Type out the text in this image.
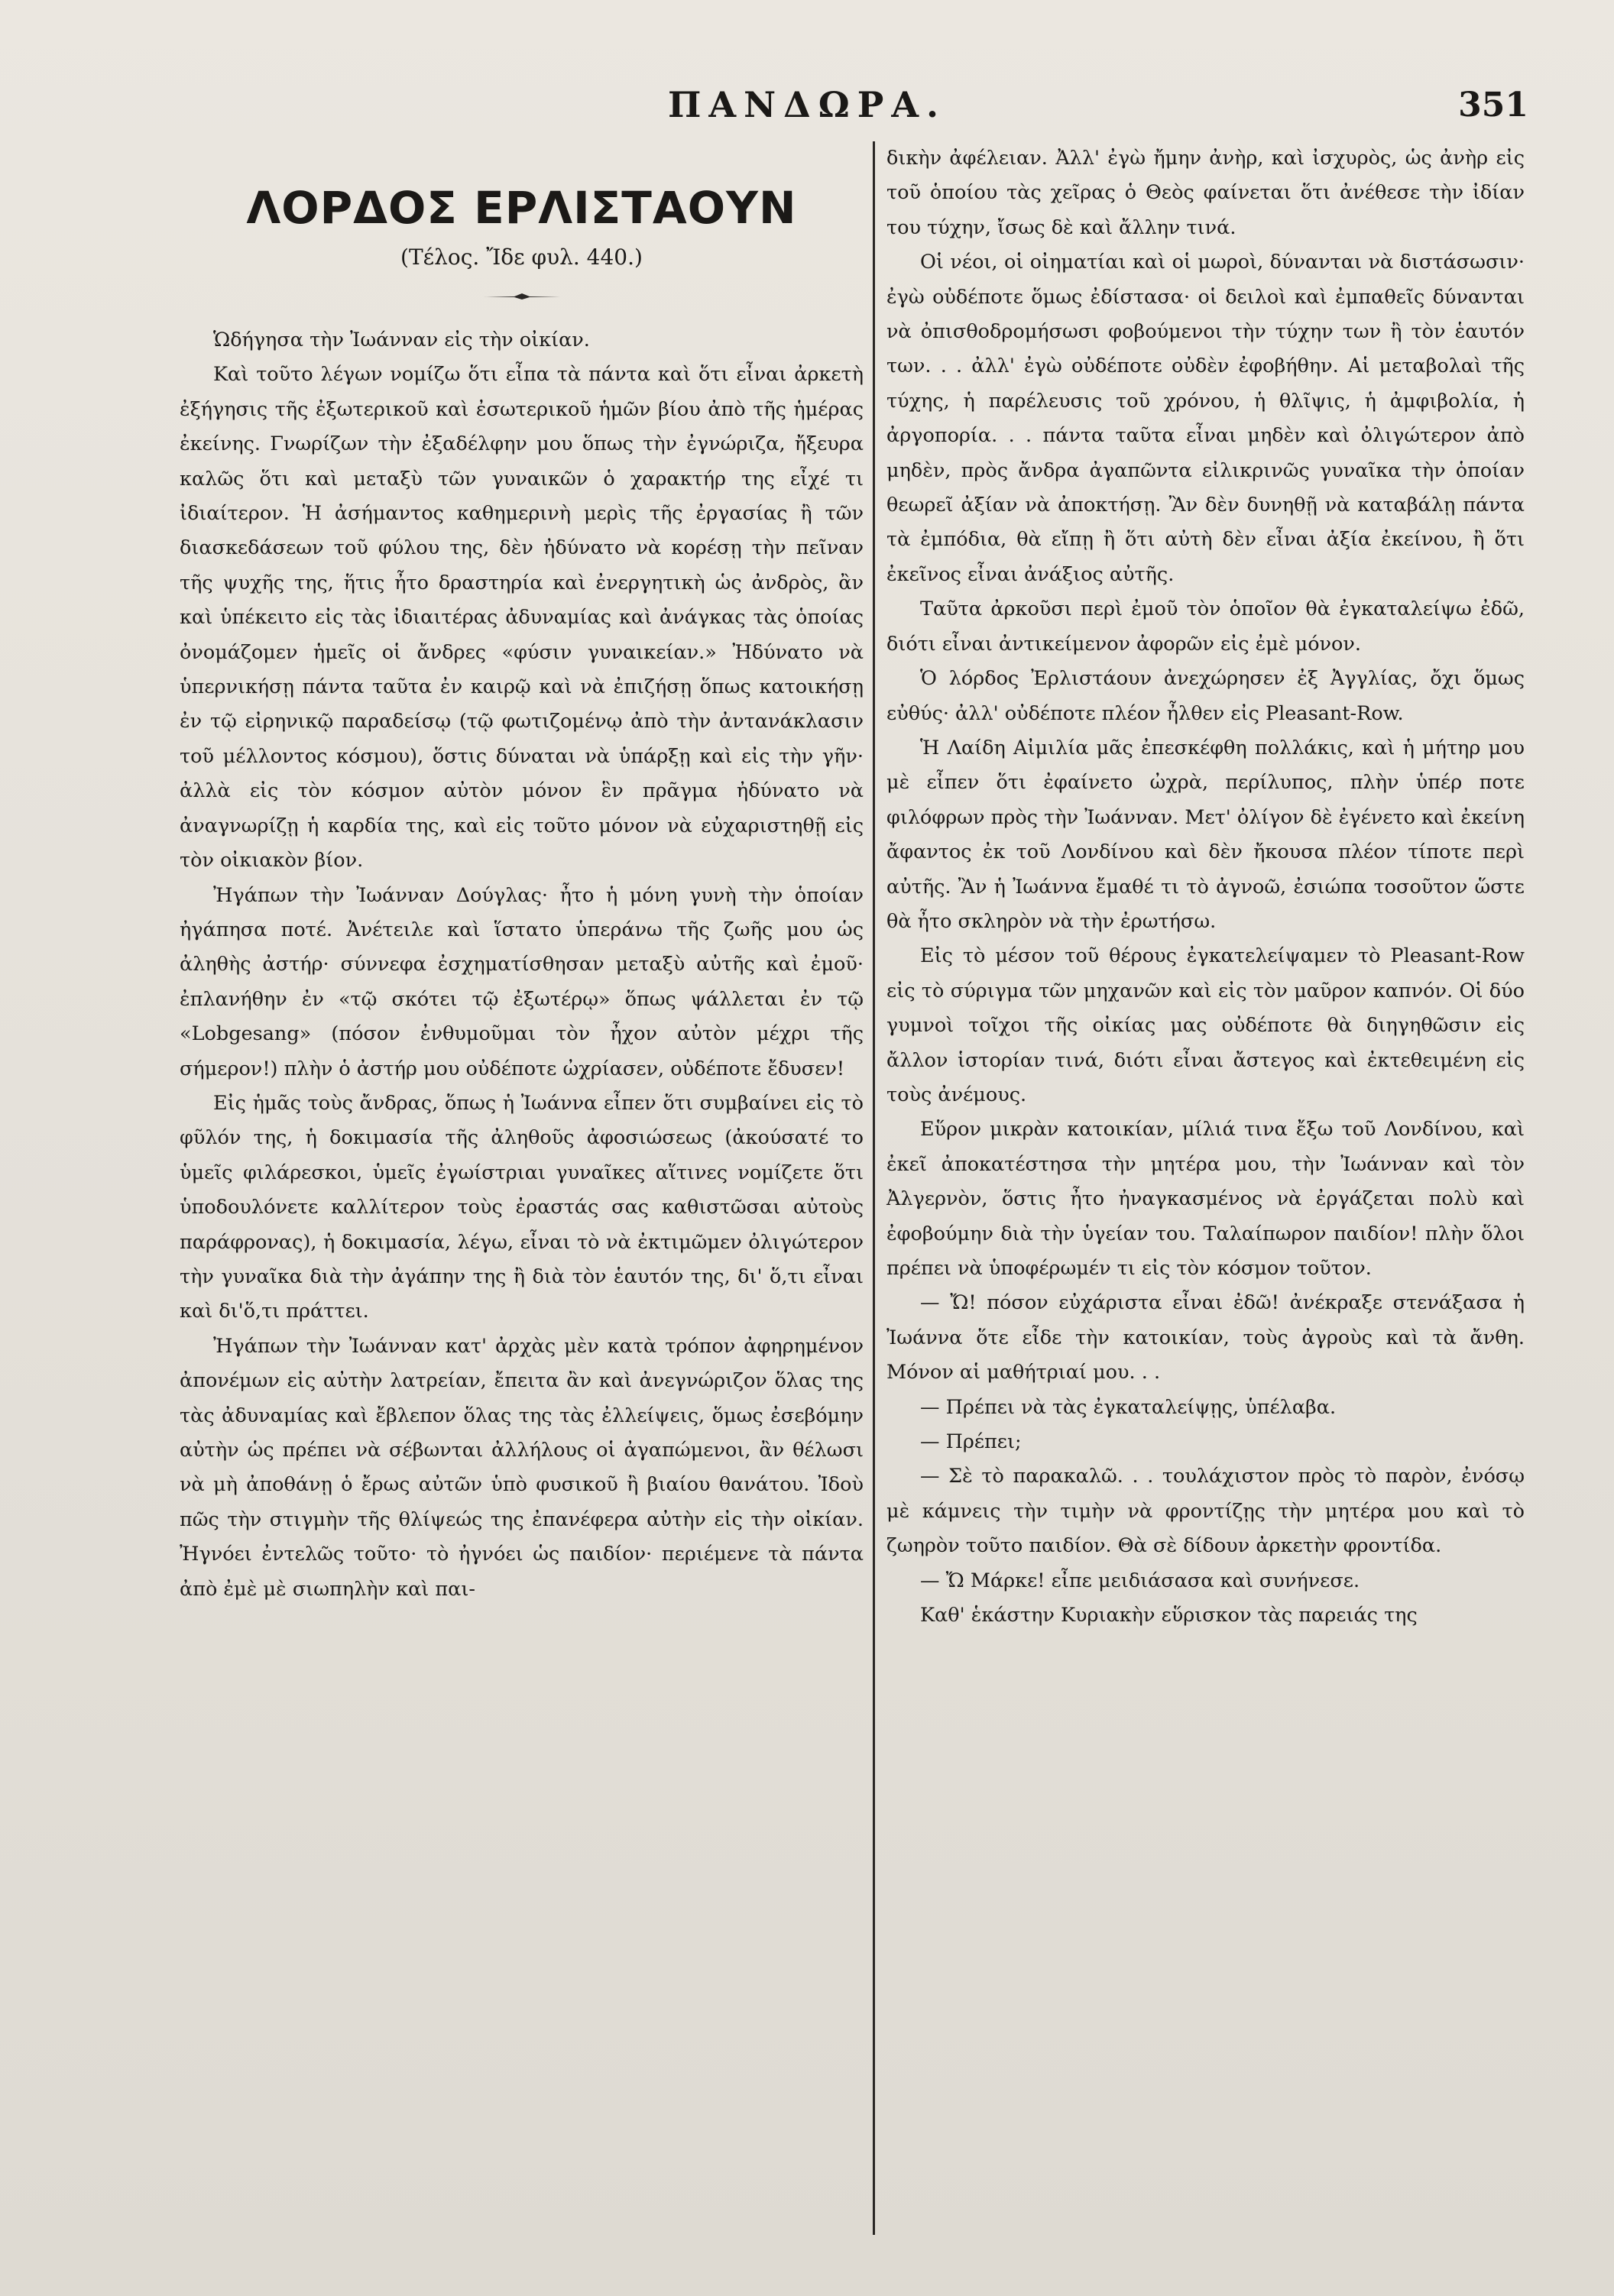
ΠΑΝΔΩΡΑ.	351
ΛΟΡΔΟΣ ΕΡΛΙΣΤΑΟΥΝ
(Τέλος. Ἴδε φυλ. 440.)

Ὡδήγησα τὴν Ἰωάνναν εἰς τὴν οἰκίαν.

Καὶ τοῦτο λέγων νομίζω ὅτι εἶπα τὰ πάντα καὶ ὅτι εἶναι ἀρκετὴ ἐξήγησις τῆς ἐξωτερικοῦ καὶ ἐσωτερικοῦ ἡμῶν βίου ἀπὸ τῆς ἡμέρας ἐκείνης. Γνωρίζων τὴν ἐξαδέλφην μου ὅπως τὴν ἐγνώριζα, ἤξευρα καλῶς ὅτι καὶ μεταξὺ τῶν γυναικῶν ὁ χαρακτήρ της εἶχέ τι ἰδιαίτερον. Ἡ ἀσήμαντος καθημερινὴ μερὶς τῆς ἐργασίας ἢ τῶν διασκεδάσεων τοῦ φύλου της, δὲν ἠδύνατο νὰ κορέσῃ τὴν πεῖναν τῆς ψυχῆς της, ἥτις ἦτο δραστηρία καὶ ἐνεργητικὴ ὡς ἀνδρὸς, ἂν καὶ ὑπέκειτο εἰς τὰς ἰδιαιτέρας ἀδυναμίας καὶ ἀνάγκας τὰς ὁποίας ὀνομάζομεν ἡμεῖς οἱ ἄνδρες «φύσιν γυναικείαν.» Ἠδύνατο νὰ ὑπερνικήσῃ πάντα ταῦτα ἐν καιρῷ καὶ νὰ ἐπιζήσῃ ὅπως κατοικήσῃ ἐν τῷ εἰρηνικῷ παραδείσῳ (τῷ φωτιζομένῳ ἀπὸ τὴν ἀντανάκλασιν τοῦ μέλλοντος κόσμου), ὅστις δύναται νὰ ὑπάρξῃ καὶ εἰς τὴν γῆν· ἀλλὰ εἰς τὸν κόσμον αὐτὸν μόνον ἓν πρᾶγμα ἠδύνατο νὰ ἀναγνωρίζῃ ἡ καρδία της, καὶ εἰς τοῦτο μόνον νὰ εὐχαριστηθῇ εἰς τὸν οἰκιακὸν βίον.

Ἠγάπων τὴν Ἰωάνναν Δούγλας· ἦτο ἡ μόνη γυνὴ τὴν ὁποίαν ἠγάπησα ποτέ. Ἀνέτειλε καὶ ἵστατο ὑπεράνω τῆς ζωῆς μου ὡς ἀληθὴς ἀστήρ· σύννεφα ἐσχηματίσθησαν μεταξὺ αὐτῆς καὶ ἐμοῦ· ἐπλανήθην ἐν «τῷ σκότει τῷ ἐξωτέρῳ» ὅπως ψάλλεται ἐν τῷ «Lobgesang» (πόσον ἐνθυμοῦμαι τὸν ἦχον αὐτὸν μέχρι τῆς σήμερον!) πλὴν ὁ ἀστήρ μου οὐδέποτε ὠχρίασεν, οὐδέποτε ἔδυσεν!

Εἰς ἡμᾶς τοὺς ἄνδρας, ὅπως ἡ Ἰωάννα εἶπεν ὅτι συμβαίνει εἰς τὸ φῦλόν της, ἡ δοκιμασία τῆς ἀληθοῦς ἀφοσιώσεως (ἀκούσατέ το ὑμεῖς φιλάρεσκοι, ὑμεῖς ἐγωίστριαι γυναῖκες αἵτινες νομίζετε ὅτι ὑποδουλόνετε καλλίτερον τοὺς ἐραστάς σας καθιστῶσαι αὐτοὺς παράφρονας), ἡ δοκιμασία, λέγω, εἶναι τὸ νὰ ἐκτιμῶμεν ὀλιγώτερον τὴν γυναῖκα διὰ τὴν ἀγάπην της ἢ διὰ τὸν ἑαυτόν της, δι' ὅ,τι εἶναι καὶ δι'ὅ,τι πράττει.

Ἠγάπων τὴν Ἰωάνναν κατ' ἀρχὰς μὲν κατὰ τρόπον ἀφηρημένον ἀπονέμων εἰς αὐτὴν λατρείαν, ἔπειτα ἂν καὶ ἀνεγνώριζον ὅλας της τὰς ἀδυναμίας καὶ ἔβλεπον ὅλας της τὰς ἐλλείψεις, ὅμως ἐσεβόμην αὐτὴν ὡς πρέπει νὰ σέβωνται ἀλλήλους οἱ ἀγαπώμενοι, ἂν θέλωσι νὰ μὴ ἀποθάνῃ ὁ ἔρως αὐτῶν ὑπὸ φυσικοῦ ἢ βιαίου θανάτου. Ἰδοὺ πῶς τὴν στιγμὴν τῆς θλίψεώς της ἐπανέφερα αὐτὴν εἰς τὴν οἰκίαν. Ἠγνόει ἐντελῶς τοῦτο· τὸ ἠγνόει ὡς παιδίον· περιέμενε τὰ πάντα ἀπὸ ἐμὲ μὲ σιωπηλὴν καὶ παι-

δικὴν ἀφέλειαν. Ἀλλ' ἐγὼ ἤμην ἀνὴρ, καὶ ἰσχυρὸς, ὡς ἀνὴρ εἰς τοῦ ὁποίου τὰς χεῖρας ὁ Θεὸς φαίνεται ὅτι ἀνέθεσε τὴν ἰδίαν του τύχην, ἴσως δὲ καὶ ἄλλην τινά.

Οἱ νέοι, οἱ οἰηματίαι καὶ οἱ μωροὶ, δύνανται νὰ διστάσωσιν· ἐγὼ οὐδέποτε ὅμως ἐδίστασα· οἱ δειλοὶ καὶ ἐμπαθεῖς δύνανται νὰ ὀπισθοδρομήσωσι φοβούμενοι τὴν τύχην των ἢ τὸν ἑαυτόν των. . . ἀλλ' ἐγὼ οὐδέποτε οὐδὲν ἐφοβήθην. Αἱ μεταβολαὶ τῆς τύχης, ἡ παρέλευσις τοῦ χρόνου, ἡ θλῖψις, ἡ ἀμφιβολία, ἡ ἀργοπορία. . . πάντα ταῦτα εἶναι μηδὲν καὶ ὀλιγώτερον ἀπὸ μηδὲν, πρὸς ἄνδρα ἀγαπῶντα εἰλικρινῶς γυναῖκα τὴν ὁποίαν θεωρεῖ ἀξίαν νὰ ἀποκτήσῃ. Ἂν δὲν δυνηθῇ νὰ καταβάλῃ πάντα τὰ ἐμπόδια, θὰ εἴπῃ ἢ ὅτι αὐτὴ δὲν εἶναι ἀξία ἐκείνου, ἢ ὅτι ἐκεῖνος εἶναι ἀνάξιος αὐτῆς.

Ταῦτα ἀρκοῦσι περὶ ἐμοῦ τὸν ὁποῖον θὰ ἐγκαταλείψω ἐδῶ, διότι εἶναι ἀντικείμενον ἀφορῶν εἰς ἐμὲ μόνον.

Ὁ λόρδος Ἐρλιστάουν ἀνεχώρησεν ἐξ Ἀγγλίας, ὄχι ὅμως εὐθύς· ἀλλ' οὐδέποτε πλέον ἦλθεν εἰς Pleasant-Row.

Ἡ Λαίδη Αἰμιλία μᾶς ἐπεσκέφθη πολλάκις, καὶ ἡ μήτηρ μου μὲ εἶπεν ὅτι ἐφαίνετο ὠχρὰ, περίλυπος, πλὴν ὑπέρ ποτε φιλόφρων πρὸς τὴν Ἰωάνναν. Μετ' ὀλίγον δὲ ἐγένετο καὶ ἐκείνη ἄφαντος ἐκ τοῦ Λονδίνου καὶ δὲν ἤκουσα πλέον τίποτε περὶ αὐτῆς. Ἂν ἡ Ἰωάννα ἔμαθέ τι τὸ ἀγνοῶ, ἐσιώπα τοσοῦτον ὥστε θὰ ἦτο σκληρὸν νὰ τὴν ἐρωτήσω.

Εἰς τὸ μέσον τοῦ θέρους ἐγκατελείψαμεν τὸ Pleasant-Row εἰς τὸ σύριγμα τῶν μηχανῶν καὶ εἰς τὸν μαῦρον καπνόν. Οἱ δύο γυμνοὶ τοῖχοι τῆς οἰκίας μας οὐδέποτε θὰ διηγηθῶσιν εἰς ἄλλον ἱστορίαν τινά, διότι εἶναι ἄστεγος καὶ ἐκτεθειμένη εἰς τοὺς ἀνέμους.

Εὕρον μικρὰν κατοικίαν, μίλιά τινα ἔξω τοῦ Λονδίνου, καὶ ἐκεῖ ἀποκατέστησα τὴν μητέρα μου, τὴν Ἰωάνναν καὶ τὸν Ἀλγερνὸν, ὅστις ἦτο ἠναγκασμένος νὰ ἐργάζεται πολὺ καὶ ἐφοβούμην διὰ τὴν ὑγείαν του. Ταλαίπωρον παιδίον! πλὴν ὅλοι πρέπει νὰ ὑποφέρωμέν τι εἰς τὸν κόσμον τοῦτον.

— Ὤ! πόσον εὐχάριστα εἶναι ἐδῶ! ἀνέκραξε στενάξασα ἡ Ἰωάννα ὅτε εἶδε τὴν κατοικίαν, τοὺς ἀγροὺς καὶ τὰ ἄνθη. Μόνον αἱ μαθήτριαί μου. . .

— Πρέπει νὰ τὰς ἐγκαταλείψῃς, ὑπέλαβα.

— Πρέπει;

— Σὲ τὸ παρακαλῶ. . . τουλάχιστον πρὸς τὸ παρὸν, ἐνόσῳ μὲ κάμνεις τὴν τιμὴν νὰ φροντίζῃς τὴν μητέρα μου καὶ τὸ ζωηρὸν τοῦτο παιδίον. Θὰ σὲ δίδουν ἀρκετὴν φροντίδα.

— Ὤ Μάρκε! εἶπε μειδιάσασα καὶ συνήνεσε.

Καθ' ἑκάστην Κυριακὴν εὕρισκον τὰς παρειάς της
